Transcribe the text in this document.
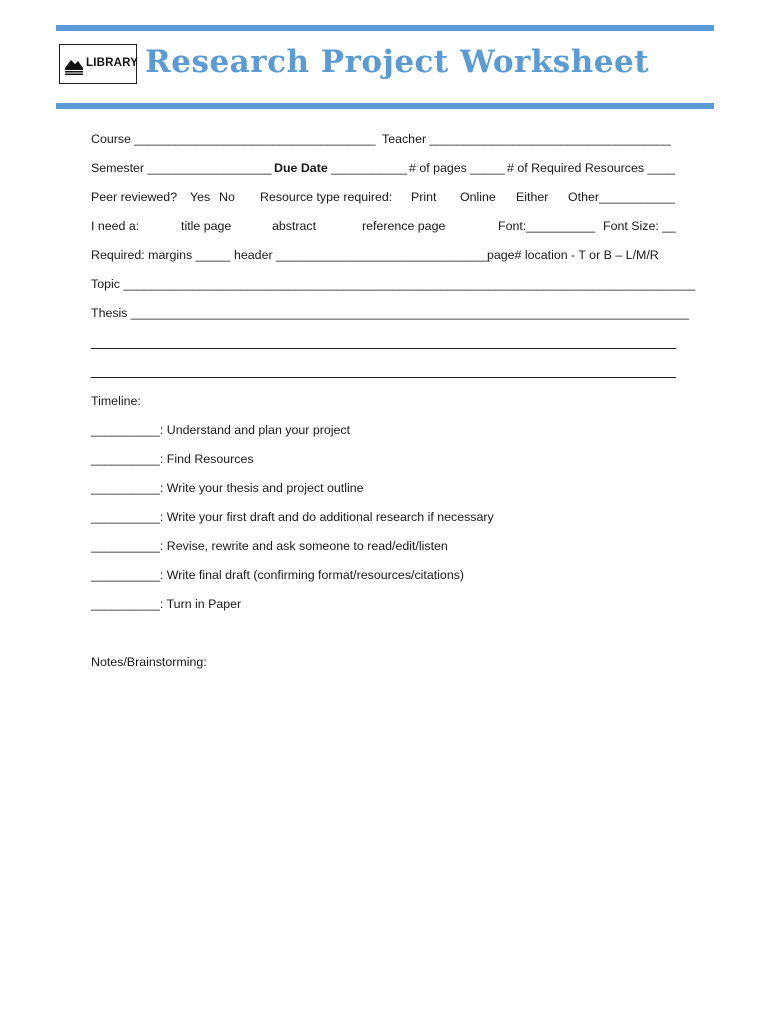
LIBRARY Research Project Worksheet
Course ___________________________________ Teacher ___________________________________
Semester __________________ Due Date ___________ # of pages _____ # of Required Resources ____
Peer reviewed? Yes No Resource type required: Print Online Either Other___________
I need a:	title page	abstract	reference page	Font:__________ Font Size: __
Required: margins _____ header _______________________________
page# location - T or B – L/M/R
Topic ___________________________________________________________________________________
Thesis _________________________________________________________________________________
Timeline:
__________: Understand and plan your project
__________: Find Resources
__________: Write your thesis and project outline
__________: Write your first draft and do additional research if necessary
__________: Revise, rewrite and ask someone to read/edit/listen
__________: Write final draft (confirming format/resources/citations)
__________: Turn in Paper
Notes/Brainstorming:
